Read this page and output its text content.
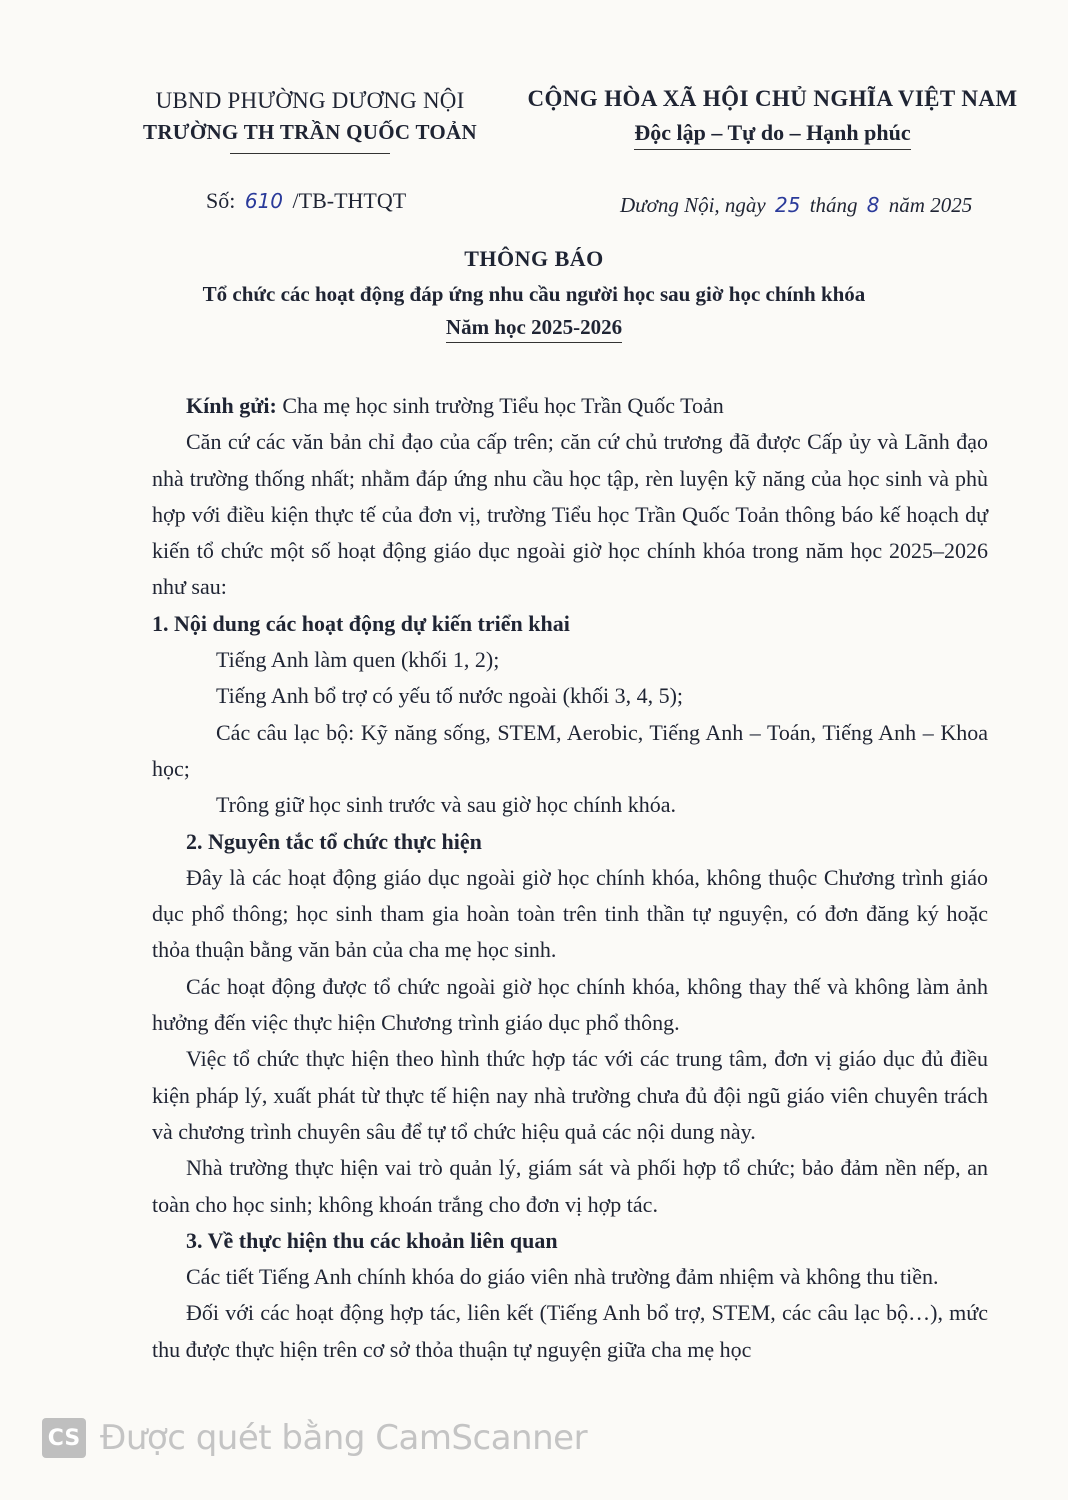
UBND PHƯỜNG DƯƠNG NỘI
TRƯỜNG TH TRẦN QUỐC TOẢN
CỘNG HÒA XÃ HỘI CHỦ NGHĨA VIỆT NAM
Độc lập – Tự do – Hạnh phúc
Số: 610 /TB-THTQT	Dương Nội, ngày 25 tháng 8 năm 2025
THÔNG BÁO
Tổ chức các hoạt động đáp ứng nhu cầu người học sau giờ học chính khóa
Năm học 2025-2026

Kính gửi: Cha mẹ học sinh trường Tiểu học Trần Quốc Toản

Căn cứ các văn bản chỉ đạo của cấp trên; căn cứ chủ trương đã được Cấp ủy và Lãnh đạo nhà trường thống nhất; nhằm đáp ứng nhu cầu học tập, rèn luyện kỹ năng của học sinh và phù hợp với điều kiện thực tế của đơn vị, trường Tiểu học Trần Quốc Toản thông báo kế hoạch dự kiến tổ chức một số hoạt động giáo dục ngoài giờ học chính khóa trong năm học 2025–2026 như sau:

1. Nội dung các hoạt động dự kiến triển khai

Tiếng Anh làm quen (khối 1, 2);

Tiếng Anh bổ trợ có yếu tố nước ngoài (khối 3, 4, 5);

Các câu lạc bộ: Kỹ năng sống, STEM, Aerobic, Tiếng Anh – Toán, Tiếng Anh – Khoa học;

Trông giữ học sinh trước và sau giờ học chính khóa.

2. Nguyên tắc tổ chức thực hiện

Đây là các hoạt động giáo dục ngoài giờ học chính khóa, không thuộc Chương trình giáo dục phổ thông; học sinh tham gia hoàn toàn trên tinh thần tự nguyện, có đơn đăng ký hoặc thỏa thuận bằng văn bản của cha mẹ học sinh.

Các hoạt động được tổ chức ngoài giờ học chính khóa, không thay thế và không làm ảnh hưởng đến việc thực hiện Chương trình giáo dục phổ thông.

Việc tổ chức thực hiện theo hình thức hợp tác với các trung tâm, đơn vị giáo dục đủ điều kiện pháp lý, xuất phát từ thực tế hiện nay nhà trường chưa đủ đội ngũ giáo viên chuyên trách và chương trình chuyên sâu để tự tổ chức hiệu quả các nội dung này.

Nhà trường thực hiện vai trò quản lý, giám sát và phối hợp tổ chức; bảo đảm nền nếp, an toàn cho học sinh; không khoán trắng cho đơn vị hợp tác.

3. Về thực hiện thu các khoản liên quan

Các tiết Tiếng Anh chính khóa do giáo viên nhà trường đảm nhiệm và không thu tiền.

Đối với các hoạt động hợp tác, liên kết (Tiếng Anh bổ trợ, STEM, các câu lạc bộ…), mức thu được thực hiện trên cơ sở thỏa thuận tự nguyện giữa cha mẹ học

CS Được quét bằng CamScanner
